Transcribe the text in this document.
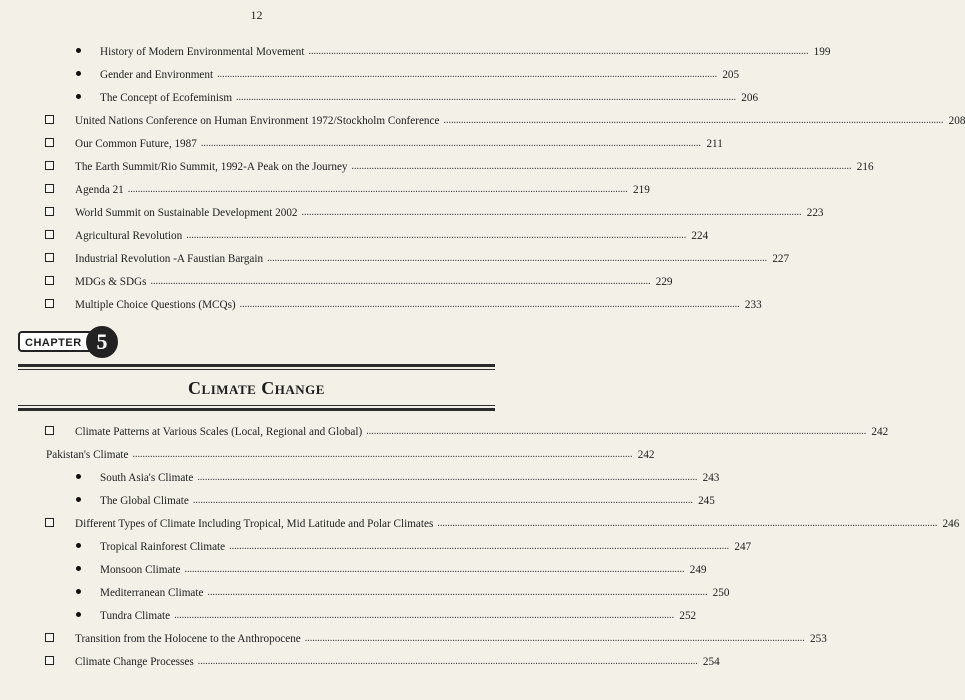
12
History of Modern Environmental Movement ........................................................................................................................................................................................................ 199
Gender and Environment ........................................................................................................................................................................................................ 205
The Concept of Ecofeminism ........................................................................................................................................................................................................ 206
United Nations Conference on Human Environment 1972/Stockholm Conference ........................................................................................................................................................................................................ 208
Our Common Future, 1987 ........................................................................................................................................................................................................ 211
The Earth Summit/Rio Summit, 1992-A Peak on the Journey ........................................................................................................................................................................................................ 216
Agenda 21 ........................................................................................................................................................................................................ 219
World Summit on Sustainable Development 2002 ........................................................................................................................................................................................................ 223
Agricultural Revolution ........................................................................................................................................................................................................ 224
Industrial Revolution -A Faustian Bargain ........................................................................................................................................................................................................ 227
MDGs & SDGs ........................................................................................................................................................................................................ 229
Multiple Choice Questions (MCQs) ........................................................................................................................................................................................................ 233
CHAPTER 5
Climate Change
Climate Patterns at Various Scales (Local, Regional and Global) ........................................................................................................................................................................................................ 242
Pakistan's Climate ........................................................................................................................................................................................................ 242
South Asia's Climate ........................................................................................................................................................................................................ 243
The Global Climate ........................................................................................................................................................................................................ 245
Different Types of Climate Including Tropical, Mid Latitude and Polar Climates ........................................................................................................................................................................................................ 246
Tropical Rainforest Climate ........................................................................................................................................................................................................ 247
Monsoon Climate ........................................................................................................................................................................................................ 249
Mediterranean Climate ........................................................................................................................................................................................................ 250
Tundra Climate ........................................................................................................................................................................................................ 252
Transition from the Holocene to the Anthropocene ........................................................................................................................................................................................................ 253
Climate Change Processes ........................................................................................................................................................................................................ 254
